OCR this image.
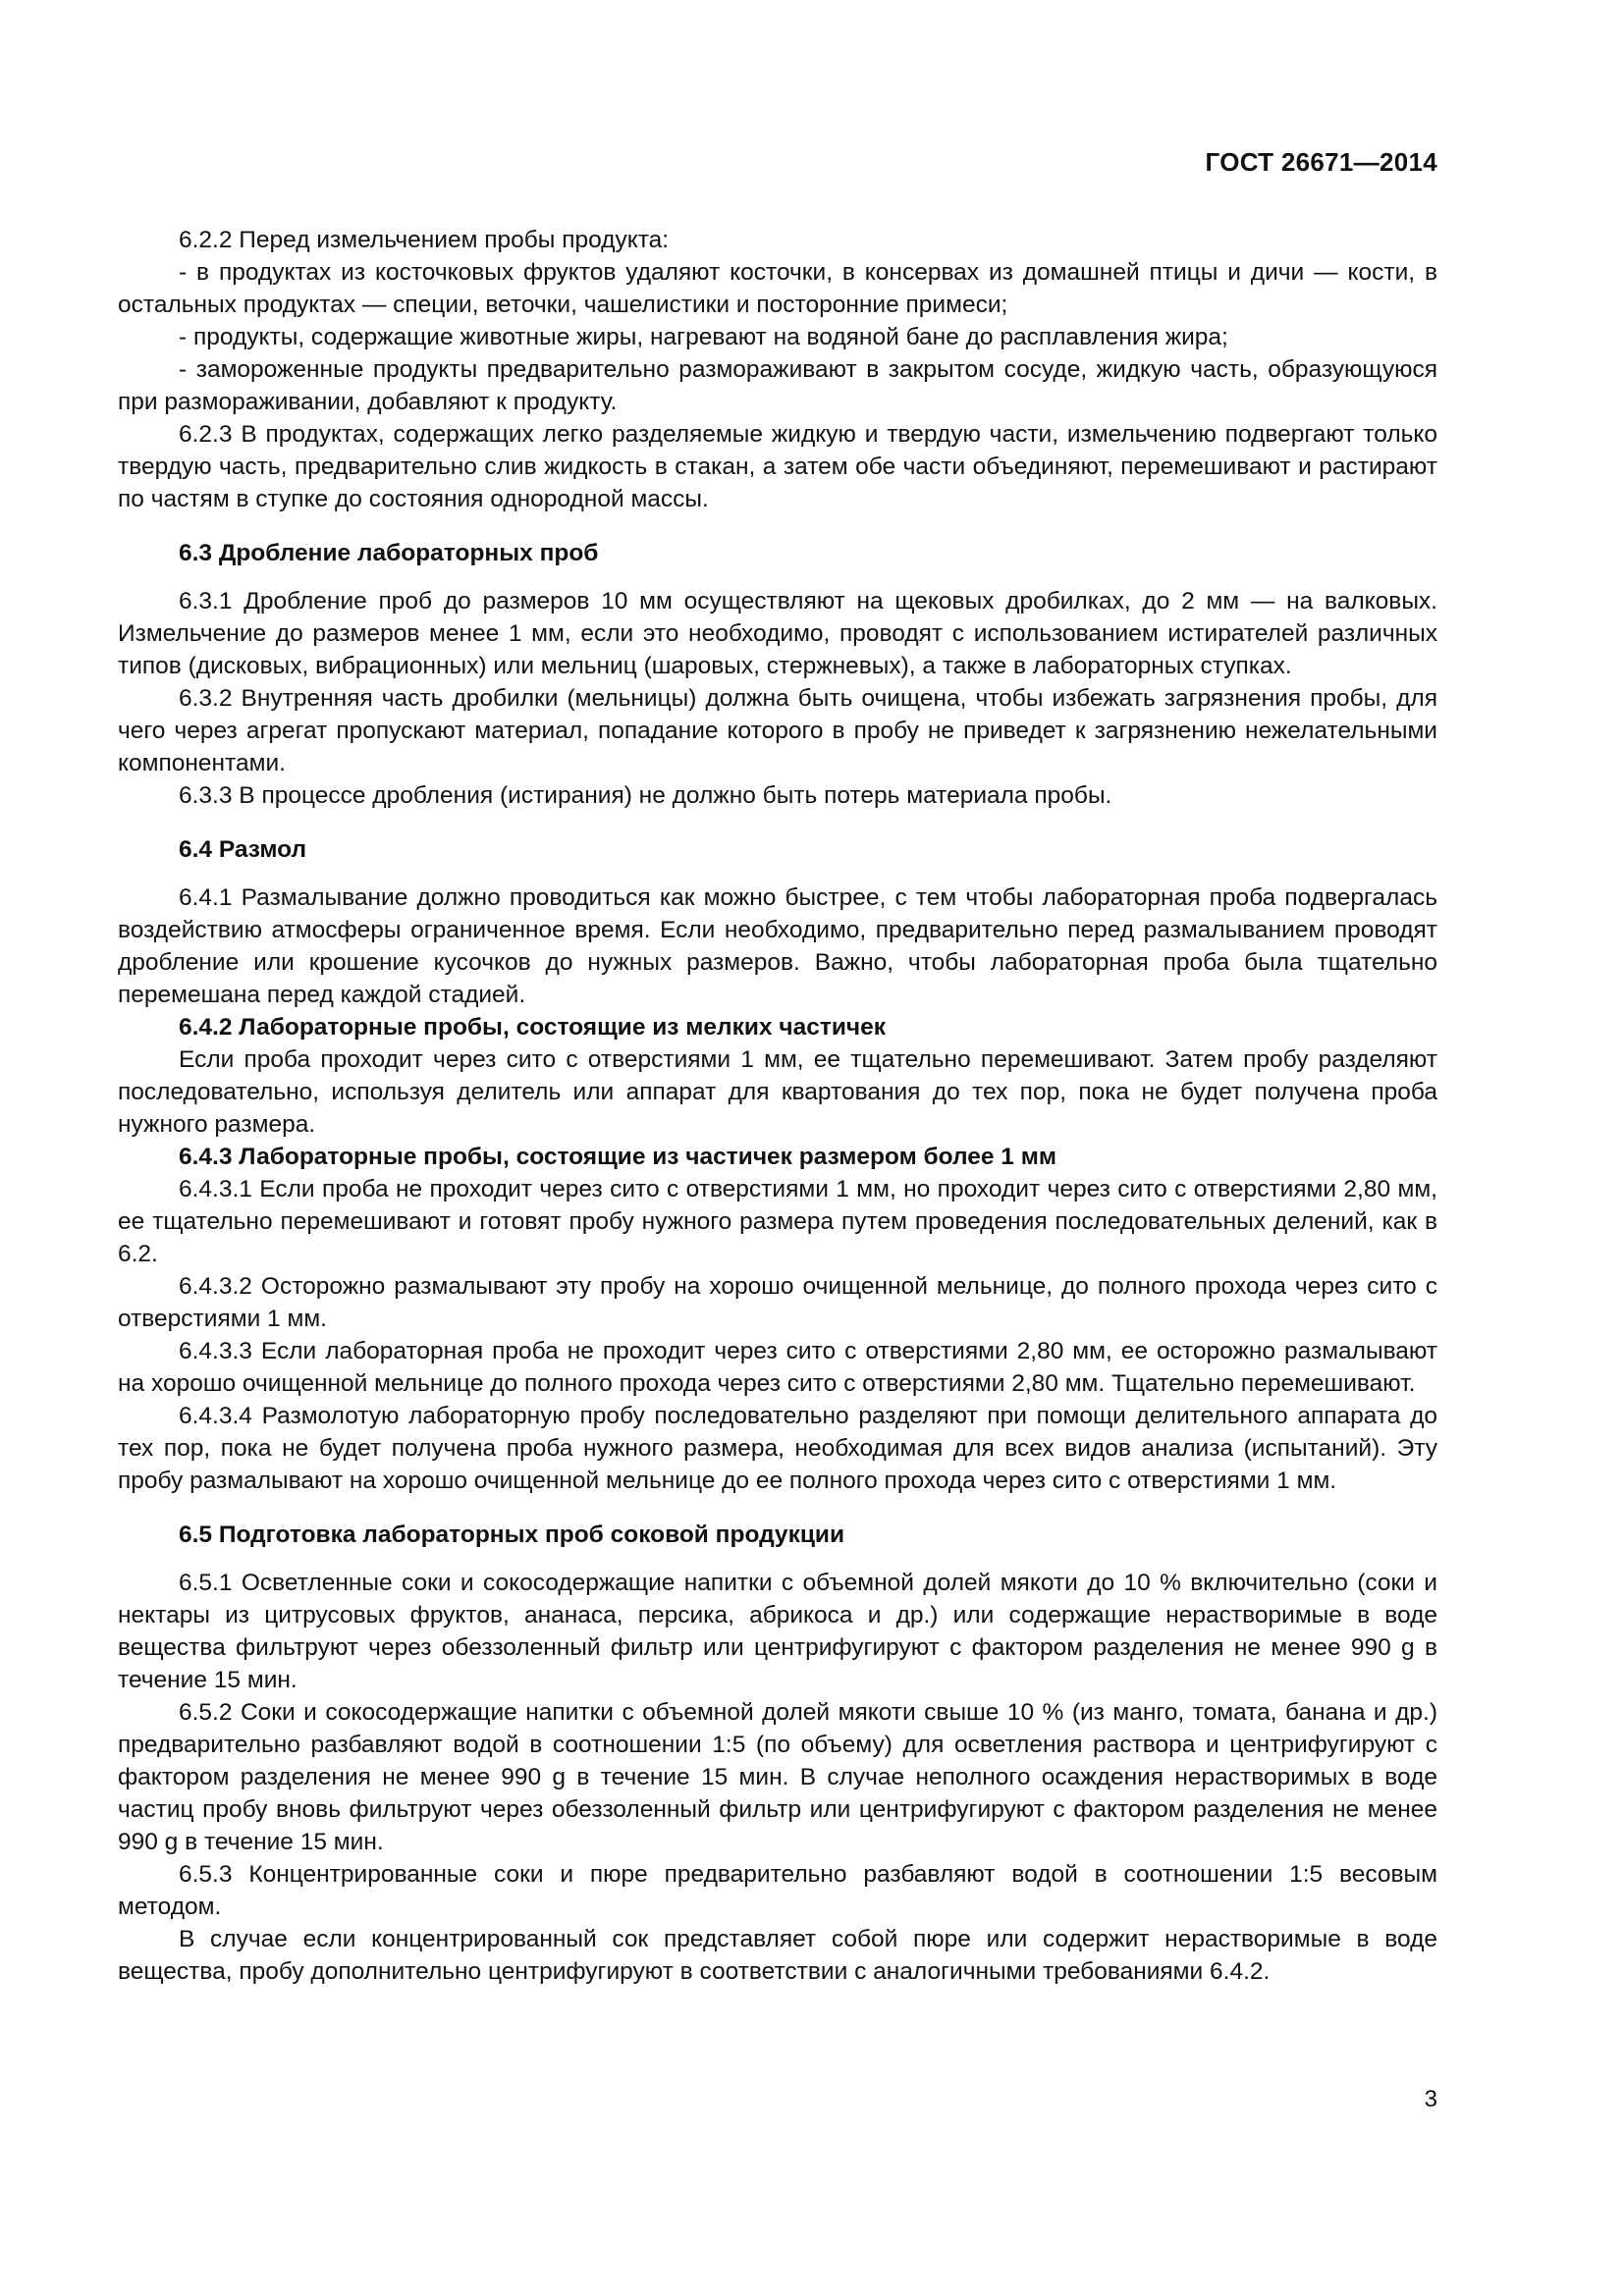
ГОСТ 26671—2014

6.2.2 Перед измельчением пробы продукта:

- в продуктах из косточковых фруктов удаляют косточки, в консервах из домашней птицы и дичи — кости, в остальных продуктах — специи, веточки, чашелистики и посторонние примеси;

- продукты, содержащие животные жиры, нагревают на водяной бане до расплавления жира;

- замороженные продукты предварительно размораживают в закрытом сосуде, жидкую часть, образующуюся при размораживании, добавляют к продукту.

6.2.3 В продуктах, содержащих легко разделяемые жидкую и твердую части, измельчению подвергают только твердую часть, предварительно слив жидкость в стакан, а затем обе части объединяют, перемешивают и растирают по частям в ступке до состояния однородной массы.

6.3 Дробление лабораторных проб

6.3.1 Дробление проб до размеров 10 мм осуществляют на щековых дробилках, до 2 мм — на валковых. Измельчение до размеров менее 1 мм, если это необходимо, проводят с использованием истирателей различных типов (дисковых, вибрационных) или мельниц (шаровых, стержневых), а также в лабораторных ступках.

6.3.2 Внутренняя часть дробилки (мельницы) должна быть очищена, чтобы избежать загрязнения пробы, для чего через агрегат пропускают материал, попадание которого в пробу не приведет к загрязнению нежелательными компонентами.

6.3.3 В процессе дробления (истирания) не должно быть потерь материала пробы.

6.4 Размол

6.4.1 Размалывание должно проводиться как можно быстрее, с тем чтобы лабораторная проба подвергалась воздействию атмосферы ограниченное время. Если необходимо, предварительно перед размалыванием проводят дробление или крошение кусочков до нужных размеров. Важно, чтобы лабораторная проба была тщательно перемешана перед каждой стадией.

6.4.2 Лабораторные пробы, состоящие из мелких частичек

Если проба проходит через сито с отверстиями 1 мм, ее тщательно перемешивают. Затем пробу разделяют последовательно, используя делитель или аппарат для квартования до тех пор, пока не будет получена проба нужного размера.

6.4.3 Лабораторные пробы, состоящие из частичек размером более 1 мм

6.4.3.1 Если проба не проходит через сито с отверстиями 1 мм, но проходит через сито с отверстиями 2,80 мм, ее тщательно перемешивают и готовят пробу нужного размера путем проведения последовательных делений, как в 6.2.

6.4.3.2 Осторожно размалывают эту пробу на хорошо очищенной мельнице, до полного прохода через сито с отверстиями 1 мм.

6.4.3.3 Если лабораторная проба не проходит через сито с отверстиями 2,80 мм, ее осторожно размалывают на хорошо очищенной мельнице до полного прохода через сито с отверстиями 2,80 мм. Тщательно перемешивают.

6.4.3.4 Размолотую лабораторную пробу последовательно разделяют при помощи делительного аппарата до тех пор, пока не будет получена проба нужного размера, необходимая для всех видов анализа (испытаний). Эту пробу размалывают на хорошо очищенной мельнице до ее полного прохода через сито с отверстиями 1 мм.

6.5 Подготовка лабораторных проб соковой продукции

6.5.1 Осветленные соки и сокосодержащие напитки с объемной долей мякоти до 10 % включительно (соки и нектары из цитрусовых фруктов, ананаса, персика, абрикоса и др.) или содержащие нерастворимые в воде вещества фильтруют через обеззоленный фильтр или центрифугируют с фактором разделения не менее 990 g в течение 15 мин.

6.5.2 Соки и сокосодержащие напитки с объемной долей мякоти свыше 10 % (из манго, томата, банана и др.) предварительно разбавляют водой в соотношении 1:5 (по объему) для осветления раствора и центрифугируют с фактором разделения не менее 990 g в течение 15 мин. В случае неполного осаждения нерастворимых в воде частиц пробу вновь фильтруют через обеззоленный фильтр или центрифугируют с фактором разделения не менее 990 g в течение 15 мин.

6.5.3 Концентрированные соки и пюре предварительно разбавляют водой в соотношении 1:5 весовым методом.

В случае если концентрированный сок представляет собой пюре или содержит нерастворимые в воде вещества, пробу дополнительно центрифугируют в соответствии с аналогичными требованиями 6.4.2.

3
